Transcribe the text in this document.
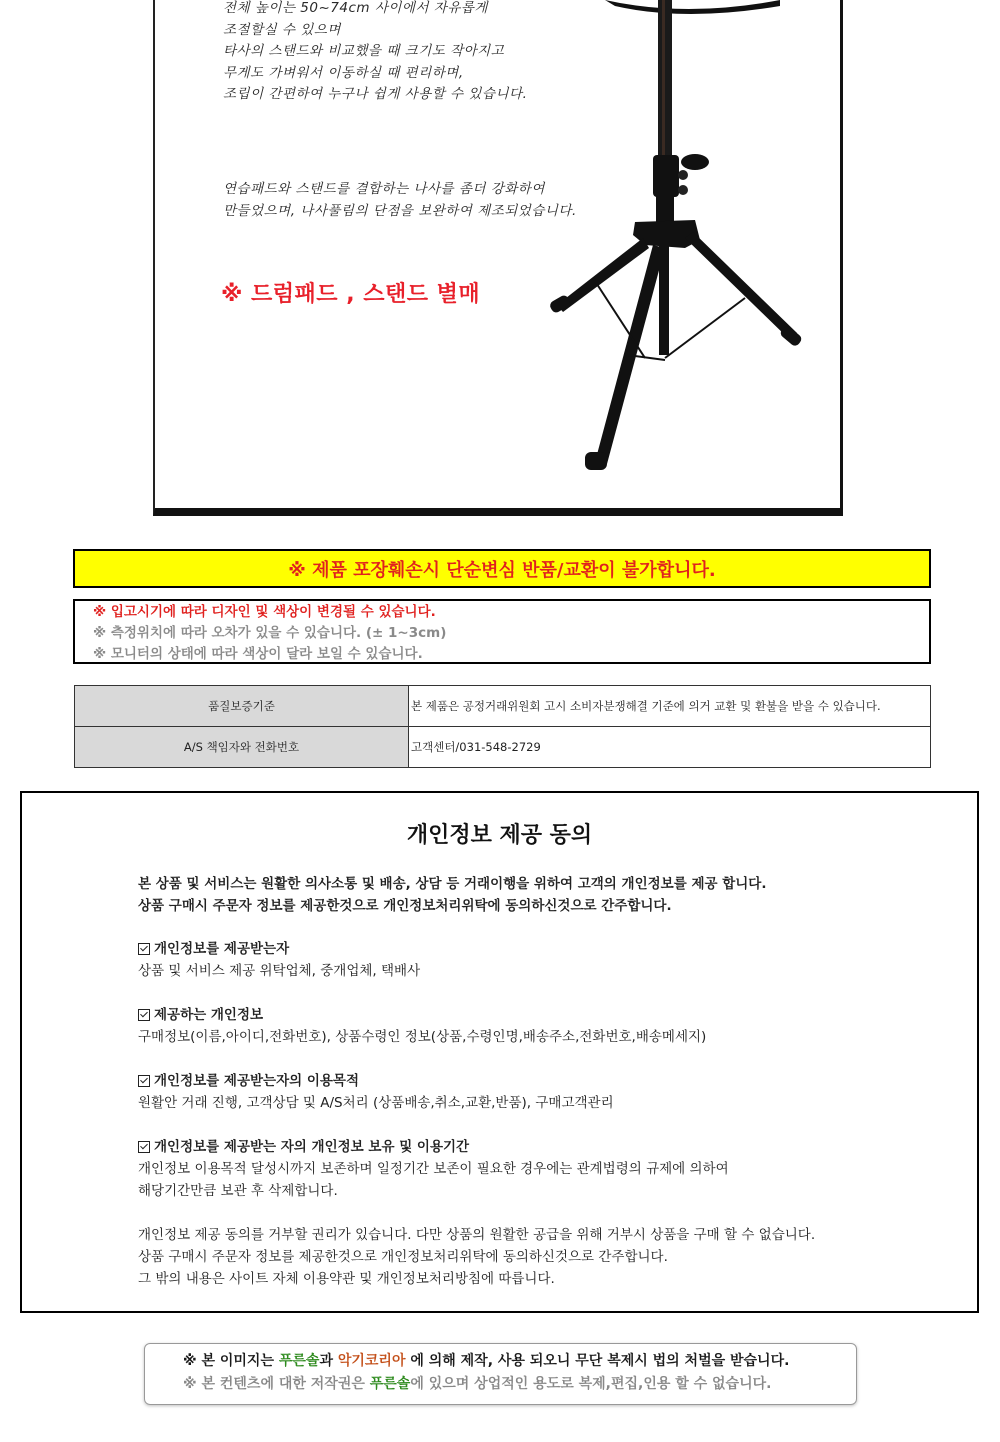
전체 높이는 50~74cm 사이에서 자유롭게
조절할실 수 있으며
타사의 스탠드와 비교했을 때 크기도 작아지고
무게도 가벼워서 이동하실 때 편리하며,
조립이 간편하여 누구나 쉽게 사용할 수 있습니다.
연습패드와 스탠드를 결합하는 나사를 좀더 강화하여
만들었으며, 나사풀림의 단점을 보완하여 제조되었습니다.
※ 드럼패드 , 스탠드 별매
※ 제품 포장훼손시 단순변심 반품/교환이 불가합니다.
※ 입고시기에 따라 디자인 및 색상이 변경될 수 있습니다.
※ 측정위치에 따라 오차가 있을 수 있습니다. (± 1~3cm)
※ 모니터의 상태에 따라 색상이 달라 보일 수 있습니다.
품질보증기준	본 제품은 공정거래위원회 고시 소비자분쟁해결 기준에 의거 교환 및 환불을 받을 수 있습니다.
A/S 책임자와 전화번호	고객센터/031-548-2729
개인정보 제공 동의
본 상품 및 서비스는 원활한 의사소통 및 배송, 상담 등 거래이행을 위하여 고객의 개인정보를 제공 합니다.
상품 구매시 주문자 정보를 제공한것으로 개인정보처리위탁에 동의하신것으로 간주합니다.
개인정보를 제공받는자
상품 및 서비스 제공 위탁업체, 중개업체, 택배사
제공하는 개인정보
구매정보(이름,아이디,전화번호), 상품수령인 정보(상품,수령인명,배송주소,전화번호,배송메세지)
개인정보를 제공받는자의 이용목적
원활안 거래 진행, 고객상담 및 A/S처리 (상품배송,취소,교환,반품), 구매고객관리
개인정보를 제공받는 자의 개인정보 보유 및 이용기간
개인정보 이용목적 달성시까지 보존하며 일정기간 보존이 필요한 경우에는 관계법령의 규제에 의하여
해당기간만큼 보관 후 삭제합니다.
개인정보 제공 동의를 거부할 권리가 있습니다. 다만 상품의 원활한 공급을 위해 거부시 상품을 구매 할 수 없습니다.
상품 구매시 주문자 정보를 제공한것으로 개인정보처리위탁에 동의하신것으로 간주합니다.
그 밖의 내용은 사이트 자체 이용약관 및 개인정보처리방침에 따릅니다.
※ 본 이미지는 푸른솔과 악기코리아 에 의해 제작, 사용 되오니 무단 복제시 법의 처벌을 받습니다.
※ 본 컨텐츠에 대한 저작권은 푸른솔에 있으며 상업적인 용도로 복제,편집,인용 할 수 없습니다.
